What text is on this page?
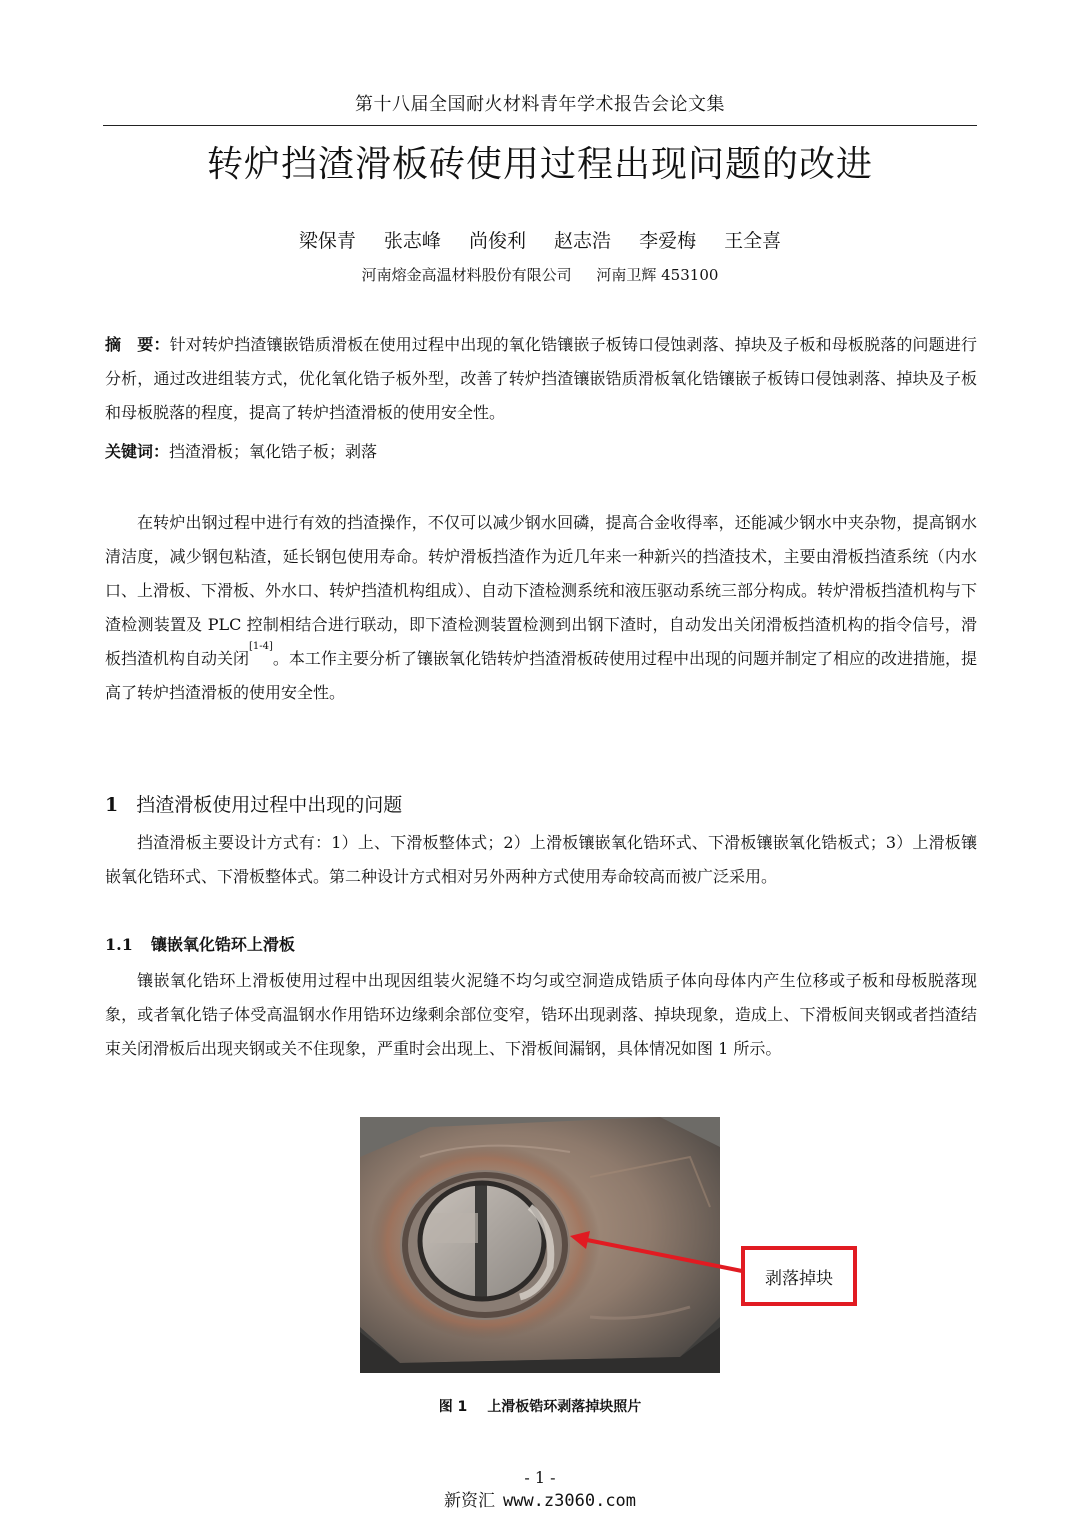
第十八届全国耐火材料青年学术报告会论文集
转炉挡渣滑板砖使用过程出现问题的改进
梁保青 张志峰 尚俊利 赵志浩 李爱梅 王全喜
河南熔金高温材料股份有限公司 河南卫辉 453100
摘　要：针对转炉挡渣镶嵌锆质滑板在使用过程中出现的氧化锆镶嵌子板铸口侵蚀剥落、掉块及子板和母板脱落的问题进行分析，通过改进组装方式，优化氧化锆子板外型，改善了转炉挡渣镶嵌锆质滑板氧化锆镶嵌子板铸口侵蚀剥落、掉块及子板和母板脱落的程度，提高了转炉挡渣滑板的使用安全性。
关键词：挡渣滑板；氧化锆子板；剥落
在转炉出钢过程中进行有效的挡渣操作，不仅可以减少钢水回磷，提高合金收得率，还能减少钢水中夹杂物，提高钢水清洁度，减少钢包粘渣，延长钢包使用寿命。转炉滑板挡渣作为近几年来一种新兴的挡渣技术，主要由滑板挡渣系统（内水口、上滑板、下滑板、外水口、转炉挡渣机构组成）、自动下渣检测系统和液压驱动系统三部分构成。转炉滑板挡渣机构与下渣检测装置及 PLC 控制相结合进行联动，即下渣检测装置检测到出钢下渣时，自动发出关闭滑板挡渣机构的指令信号，滑板挡渣机构自动关闭[1-4]。本工作主要分析了镶嵌氧化锆转炉挡渣滑板砖使用过程中出现的问题并制定了相应的改进措施，提高了转炉挡渣滑板的使用安全性。
1 挡渣滑板使用过程中出现的问题
挡渣滑板主要设计方式有：1）上、下滑板整体式；2）上滑板镶嵌氧化锆环式、下滑板镶嵌氧化锆板式；3）上滑板镶嵌氧化锆环式、下滑板整体式。第二种设计方式相对另外两种方式使用寿命较高而被广泛采用。
1.1 镶嵌氧化锆环上滑板
镶嵌氧化锆环上滑板使用过程中出现因组装火泥缝不均匀或空洞造成锆质子体向母体内产生位移或子板和母板脱落现象，或者氧化锆子体受高温钢水作用锆环边缘剩余部位变窄，锆环出现剥落、掉块现象，造成上、下滑板间夹钢或者挡渣结束关闭滑板后出现夹钢或关不住现象，严重时会出现上、下滑板间漏钢，具体情况如图 1 所示。
剥落掉块
图 1 上滑板锆环剥落掉块照片
- 1 -
新资汇 www.z3060.com
